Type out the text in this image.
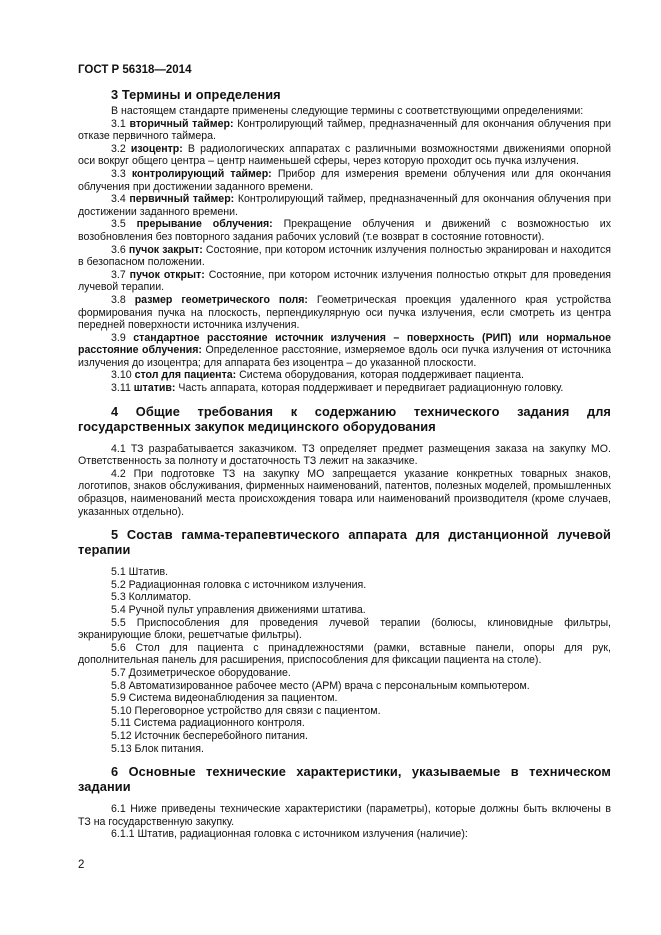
ГОСТ Р 56318—2014
3 Термины и определения

В настоящем стандарте применены следующие термины с соответствующими определениями:

3.1 вторичный таймер: Контролирующий таймер, предназначенный для окончания облучения при отказе первичного таймера.

3.2 изоцентр: В радиологических аппаратах с различными возможностями движениями опорной оси вокруг общего центра – центр наименьшей сферы, через которую проходит ось пучка излучения.

3.3 контролирующий таймер: Прибор для измерения времени облучения или для окончания облучения при достижении заданного времени.

3.4 первичный таймер: Контролирующий таймер, предназначенный для окончания облучения при достижении заданного времени.

3.5 прерывание облучения: Прекращение облучения и движений с возможностью их возобновления без повторного задания рабочих условий (т.е возврат в состояние готовности).

3.6 пучок закрыт: Состояние, при котором источник излучения полностью экранирован и находится в безопасном положении.

3.7 пучок открыт: Состояние, при котором источник излучения полностью открыт для проведения лучевой терапии.

3.8 размер геометрического поля: Геометрическая проекция удаленного края устройства формирования пучка на плоскость, перпендикулярную оси пучка излучения, если смотреть из центра передней поверхности источника излучения.

3.9 стандартное расстояние источник излучения – поверхность (РИП) или нормальное расстояние облучения: Определенное расстояние, измеряемое вдоль оси пучка излучения от источника излучения до изоцентра; для аппарата без изоцентра – до указанной плоскости.

3.10 стол для пациента: Система оборудования, которая поддерживает пациента.

3.11 штатив: Часть аппарата, которая поддерживает и передвигает радиационную головку.

4 Общие требования к содержанию технического задания для государственных закупок медицинского оборудования

4.1 ТЗ разрабатывается заказчиком. ТЗ определяет предмет размещения заказа на закупку МО. Ответственность за полноту и достаточность ТЗ лежит на заказчике.

4.2 При подготовке ТЗ на закупку МО запрещается указание конкретных товарных знаков, логотипов, знаков обслуживания, фирменных наименований, патентов, полезных моделей, промышленных образцов, наименований места происхождения товара или наименований производителя (кроме случаев, указанных отдельно).

5 Состав гамма-терапевтического аппарата для дистанционной лучевой терапии

5.1 Штатив.

5.2 Радиационная головка с источником излучения.

5.3 Коллиматор.

5.4 Ручной пульт управления движениями штатива.

5.5 Приспособления для проведения лучевой терапии (болюсы, клиновидные фильтры, экранирующие блоки, решетчатые фильтры).

5.6 Стол для пациента с принадлежностями (рамки, вставные панели, опоры для рук, дополнительная панель для расширения, приспособления для фиксации пациента на столе).

5.7 Дозиметрическое оборудование.

5.8 Автоматизированное рабочее место (АРМ) врача с персональным компьютером.

5.9 Система видеонаблюдения за пациентом.

5.10 Переговорное устройство для связи с пациентом.

5.11 Система радиационного контроля.

5.12 Источник бесперебойного питания.

5.13 Блок питания.

6 Основные технические характеристики, указываемые в техническом задании

6.1 Ниже приведены технические характеристики (параметры), которые должны быть включены в ТЗ на государственную закупку.

6.1.1 Штатив, радиационная головка с источником излучения (наличие):

2
